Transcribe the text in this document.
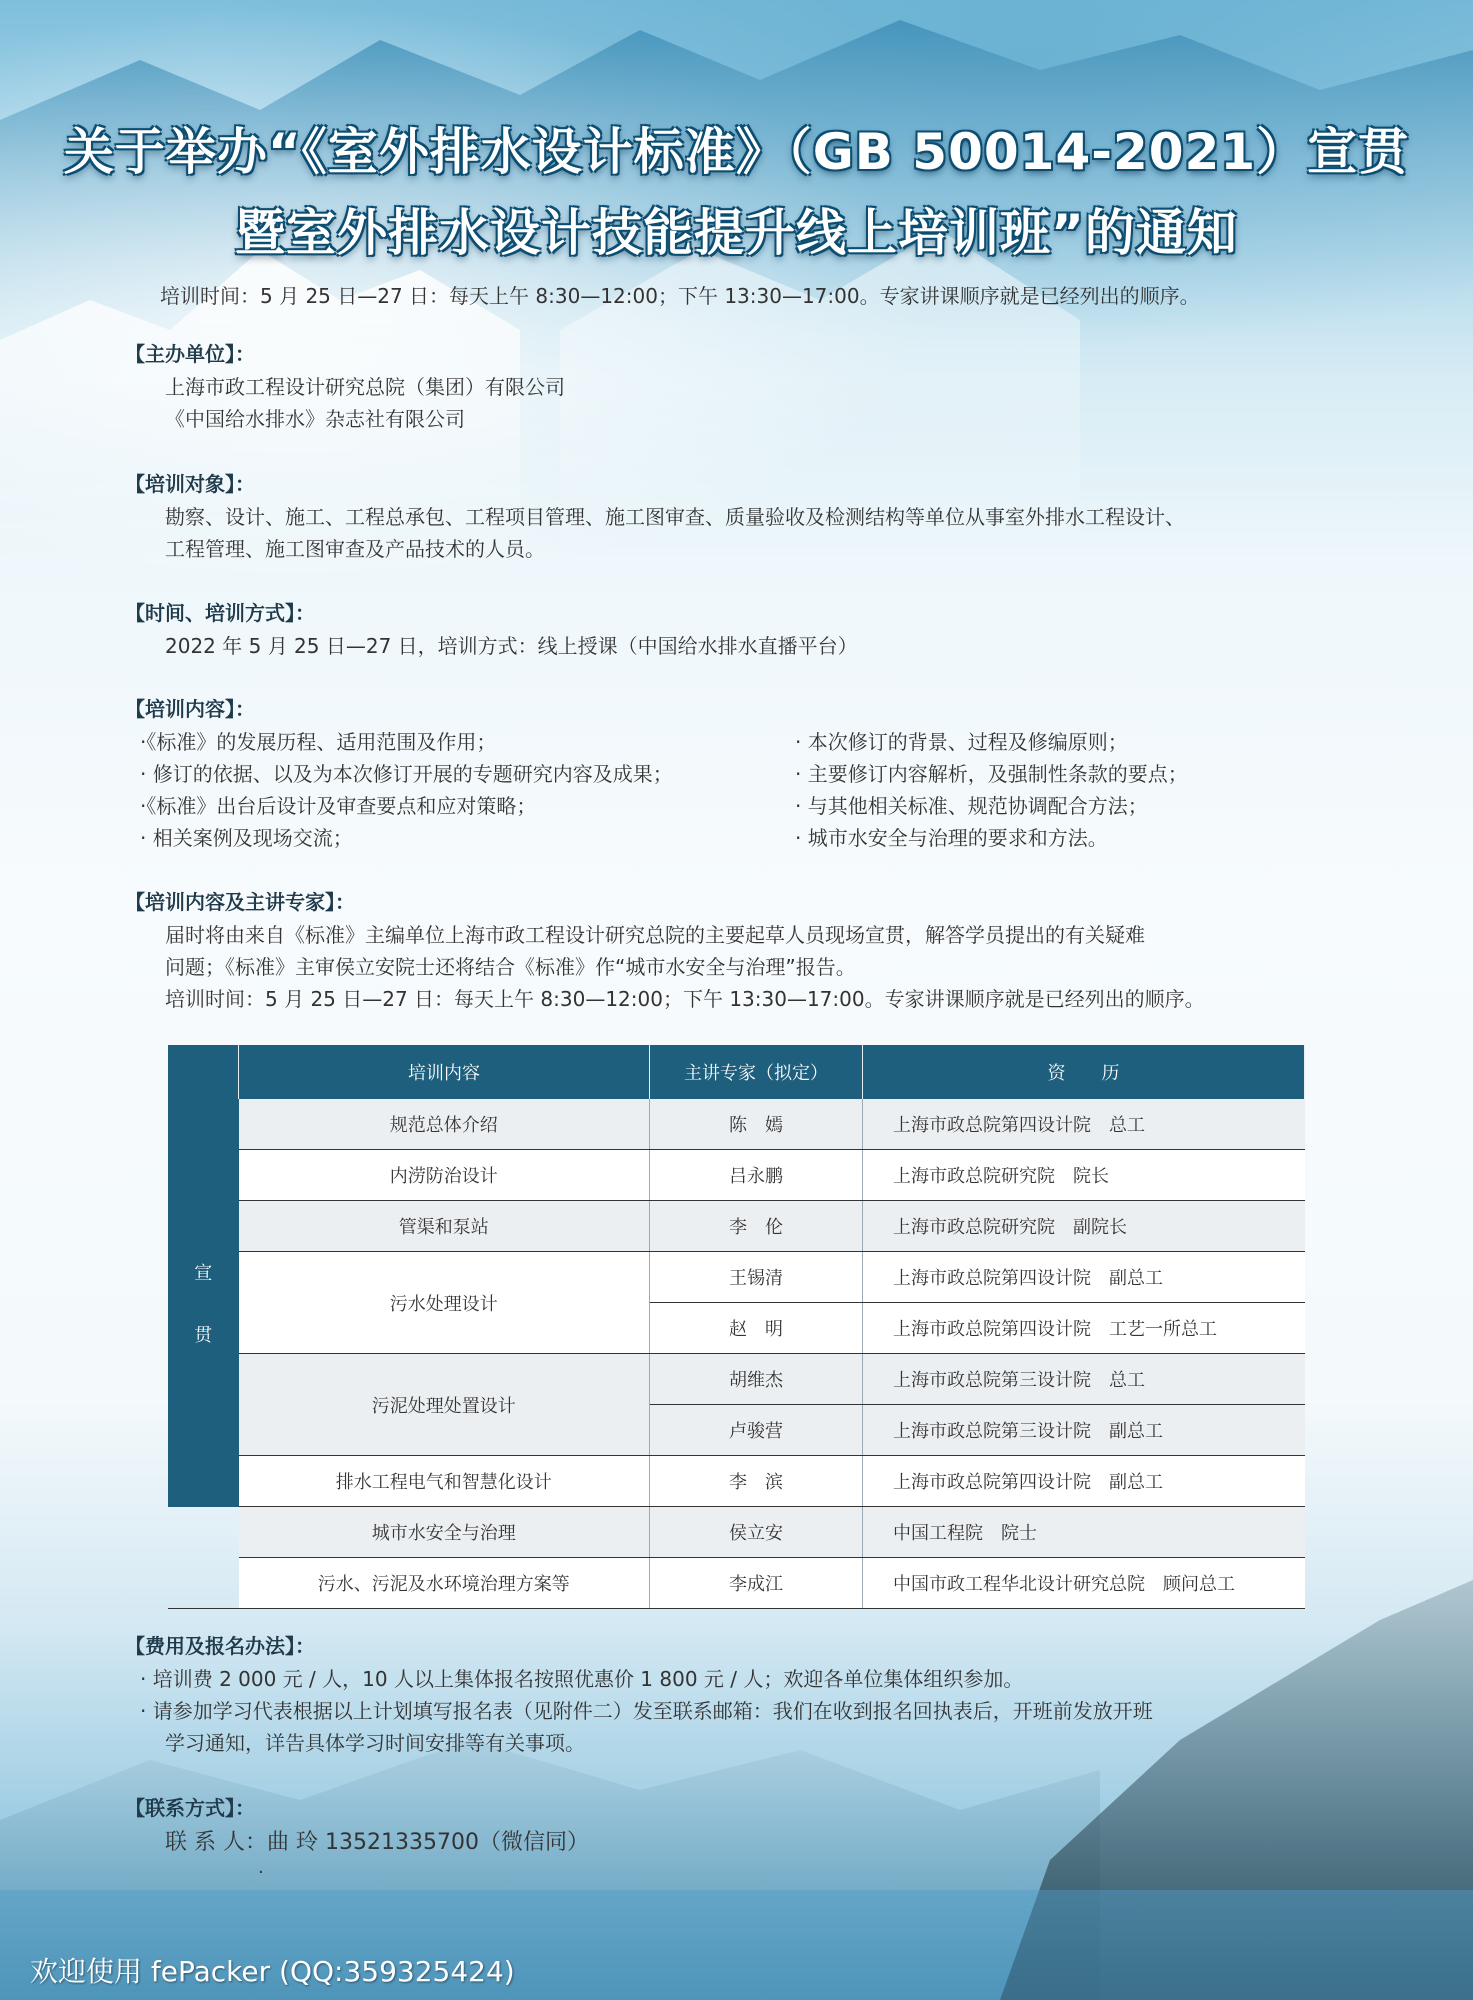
关于举办“《室外排水设计标准》（GB 50014-2021）宣贯
暨室外排水设计技能提升线上培训班”的通知
培训时间：5 月 25 日—27 日：每天上午 8:30—12:00；下午 13:30—17:00。专家讲课顺序就是已经列出的顺序。
【主办单位】：
上海市政工程设计研究总院（集团）有限公司
《中国给水排水》杂志社有限公司
【培训对象】：
勘察、设计、施工、工程总承包、工程项目管理、施工图审查、质量验收及检测结构等单位从事室外排水工程设计、
工程管理、施工图审查及产品技术的人员。
【时间、培训方式】：
2022 年 5 月 25 日—27 日，培训方式：线上授课（中国给水排水直播平台）
【培训内容】：
·《标准》的发展历程、适用范围及作用；
· 修订的依据、以及为本次修订开展的专题研究内容及成果；
·《标准》出台后设计及审查要点和应对策略；
· 相关案例及现场交流；
· 本次修订的背景、过程及修编原则；
· 主要修订内容解析，及强制性条款的要点；
· 与其他相关标准、规范协调配合方法；
· 城市水安全与治理的要求和方法。
【培训内容及主讲专家】：
届时将由来自《标准》主编单位上海市政工程设计研究总院的主要起草人员现场宣贯，解答学员提出的有关疑难
问题；《标准》主审侯立安院士还将结合《标准》作“城市水安全与治理”报告。
培训时间：5 月 25 日—27 日：每天上午 8:30—12:00；下午 13:30—17:00。专家讲课顺序就是已经列出的顺序。
	培训内容	主讲专家（拟定）	资　　历

宣
贯	规范总体介绍	陈　嫣	上海市政总院第四设计院　总工
	内涝防治设计	吕永鹏	上海市政总院研究院　院长
	管渠和泵站	李　伦	上海市政总院研究院　副院长
	污水处理设计	王锡清	上海市政总院第四设计院　副总工
		赵　明	上海市政总院第四设计院　工艺一所总工
	污泥处理处置设计	胡维杰	上海市政总院第三设计院　总工
		卢骏营	上海市政总院第三设计院　副总工
	排水工程电气和智慧化设计	李　滨	上海市政总院第四设计院　副总工
	城市水安全与治理	侯立安	中国工程院　院士
	污水、污泥及水环境治理方案等	李成江	中国市政工程华北设计研究总院　顾问总工
【费用及报名办法】：
· 培训费 2 000 元 / 人，10 人以上集体报名按照优惠价 1 800 元 / 人；欢迎各单位集体组织参加。
· 请参加学习代表根据以上计划填写报名表（见附件二）发至联系邮箱：我们在收到报名回执表后，开班前发放开班
学习通知，详告具体学习时间安排等有关事项。
【联系方式】：
联 系 人：曲 玲 13521335700（微信同）
·
欢迎使用 fePacker (QQ:359325424)
